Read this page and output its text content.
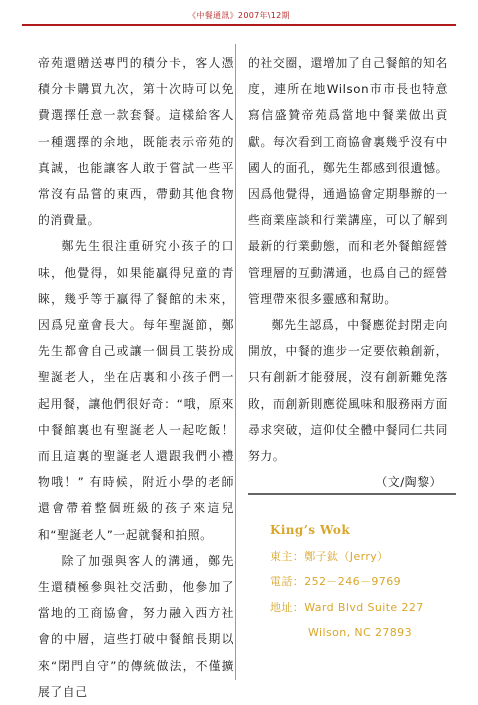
《中餐通訊》2007年\12期

帝苑還贈送專門的積分卡，客人憑積分卡購買九次，第十次時可以免費選擇任意一款套餐。這樣給客人一種選擇的余地，既能表示帝苑的真誠，也能讓客人敢于嘗試一些平常沒有品嘗的東西，帶動其他食物的消費量。

鄭先生很注重研究小孩子的口味，他覺得，如果能贏得兒童的青睞，幾乎等于贏得了餐館的未來，因爲兒童會長大。每年聖誕節，鄭先生都會自己或讓一個員工裝扮成聖誕老人，坐在店裏和小孩子們一起用餐，讓他們很好奇：“哦，原來中餐館裏也有聖誕老人一起吃飯！而且這裏的聖誕老人還跟我們小禮物哦！” 有時候，附近小學的老師還會帶着整個班級的孩子來這兒和“聖誕老人”一起就餐和拍照。

除了加强與客人的溝通，鄭先生還積極參與社交活動，他參加了當地的工商協會，努力融入西方社會的中層，這些打破中餐館長期以來“閉門自守”的傳統做法，不僅擴展了自己

的社交圈，還增加了自己餐館的知名度，連所在地Wilson市市長也特意寫信盛贊帝苑爲當地中餐業做出貢獻。每次看到工商協會裏幾乎沒有中國人的面孔，鄭先生都感到很遺憾。因爲他覺得，通過協會定期舉辦的一些商業座談和行業講座，可以了解到最新的行業動態，而和老外餐館經營管理層的互動溝通，也爲自己的經營管理帶來很多靈感和幫助。

鄭先生認爲，中餐應從封閉走向開放，中餐的進步一定要依賴創新，只有創新才能發展，沒有創新難免落敗，而創新則應從風味和服務兩方面尋求突破，這仰仗全體中餐同仁共同努力。

（文/陶黎）

King’s Wok
東主：鄭子鈦（Jerry）
電話：252－246－9769
地址：Ward Blvd Suite 227
Wilson, NC 27893
